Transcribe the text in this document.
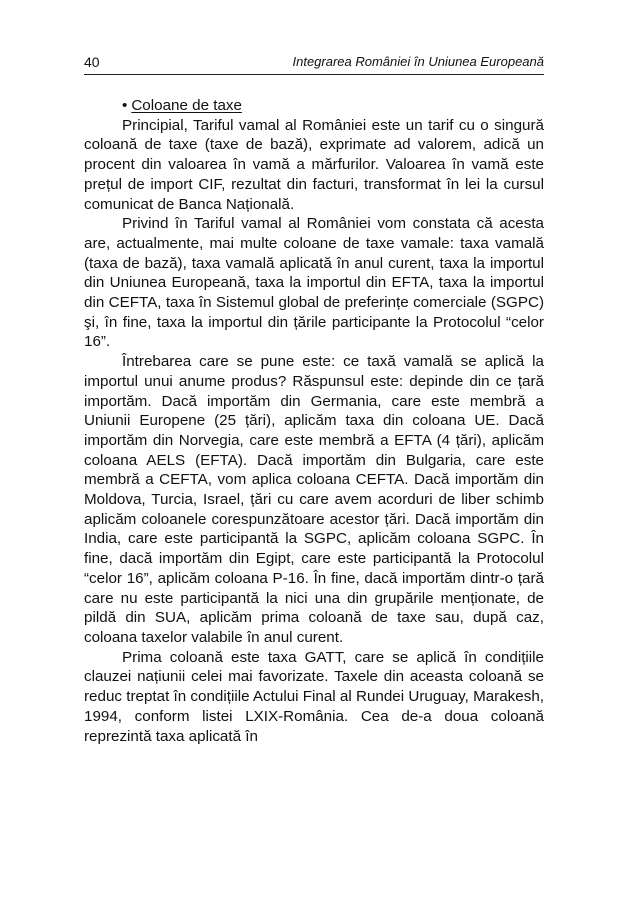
40	Integrarea României în Uniunea Europeană

• Coloane de taxe

Principial, Tariful vamal al României este un tarif cu o singură coloană de taxe (taxe de bază), exprimate ad valorem, adică un procent din valoarea în vamă a mărfurilor. Valoarea în vamă este prețul de import CIF, rezultat din facturi, transformat în lei la cursul comunicat de Banca Națională.

Privind în Tariful vamal al României vom constata că acesta are, actualmente, mai multe coloane de taxe vamale: taxa vamală (taxa de bază), taxa vamală aplicată în anul curent, taxa la importul din Uniunea Europeană, taxa la importul din EFTA, taxa la importul din CEFTA, taxa în Sistemul global de preferințe comerciale (SGPC) şi, în fine, taxa la importul din țările participante la Protocolul “celor 16”.

Întrebarea care se pune este: ce taxă vamală se aplică la importul unui anume produs? Răspunsul este: depinde din ce țară importăm. Dacă importăm din Germania, care este membră a Uniunii Europene (25 țări), aplicăm taxa din coloana UE. Dacă importăm din Norvegia, care este membră a EFTA (4 țări), aplicăm coloana AELS (EFTA). Dacă importăm din Bulgaria, care este membră a CEFTA, vom aplica coloana CEFTA. Dacă importăm din Moldova, Turcia, Israel, țări cu care avem acorduri de liber schimb aplicăm coloanele corespunzătoare acestor țări. Dacă importăm din India, care este participantă la SGPC, aplicăm coloana SGPC. În fine, dacă importăm din Egipt, care este participantă la Protocolul “celor 16”, aplicăm coloana P-16. În fine, dacă importăm dintr-o țară care nu este participantă la nici una din grupările menționate, de pildă din SUA, aplicăm prima coloană de taxe sau, după caz, coloana taxelor valabile în anul curent.

Prima coloană este taxa GATT, care se aplică în condițiile clauzei națiunii celei mai favorizate. Taxele din aceasta coloană se reduc treptat în condițiile Actului Final al Rundei Uruguay, Marakesh, 1994, conform listei LXIX-România. Cea de-a doua coloană reprezintă taxa aplicată în
